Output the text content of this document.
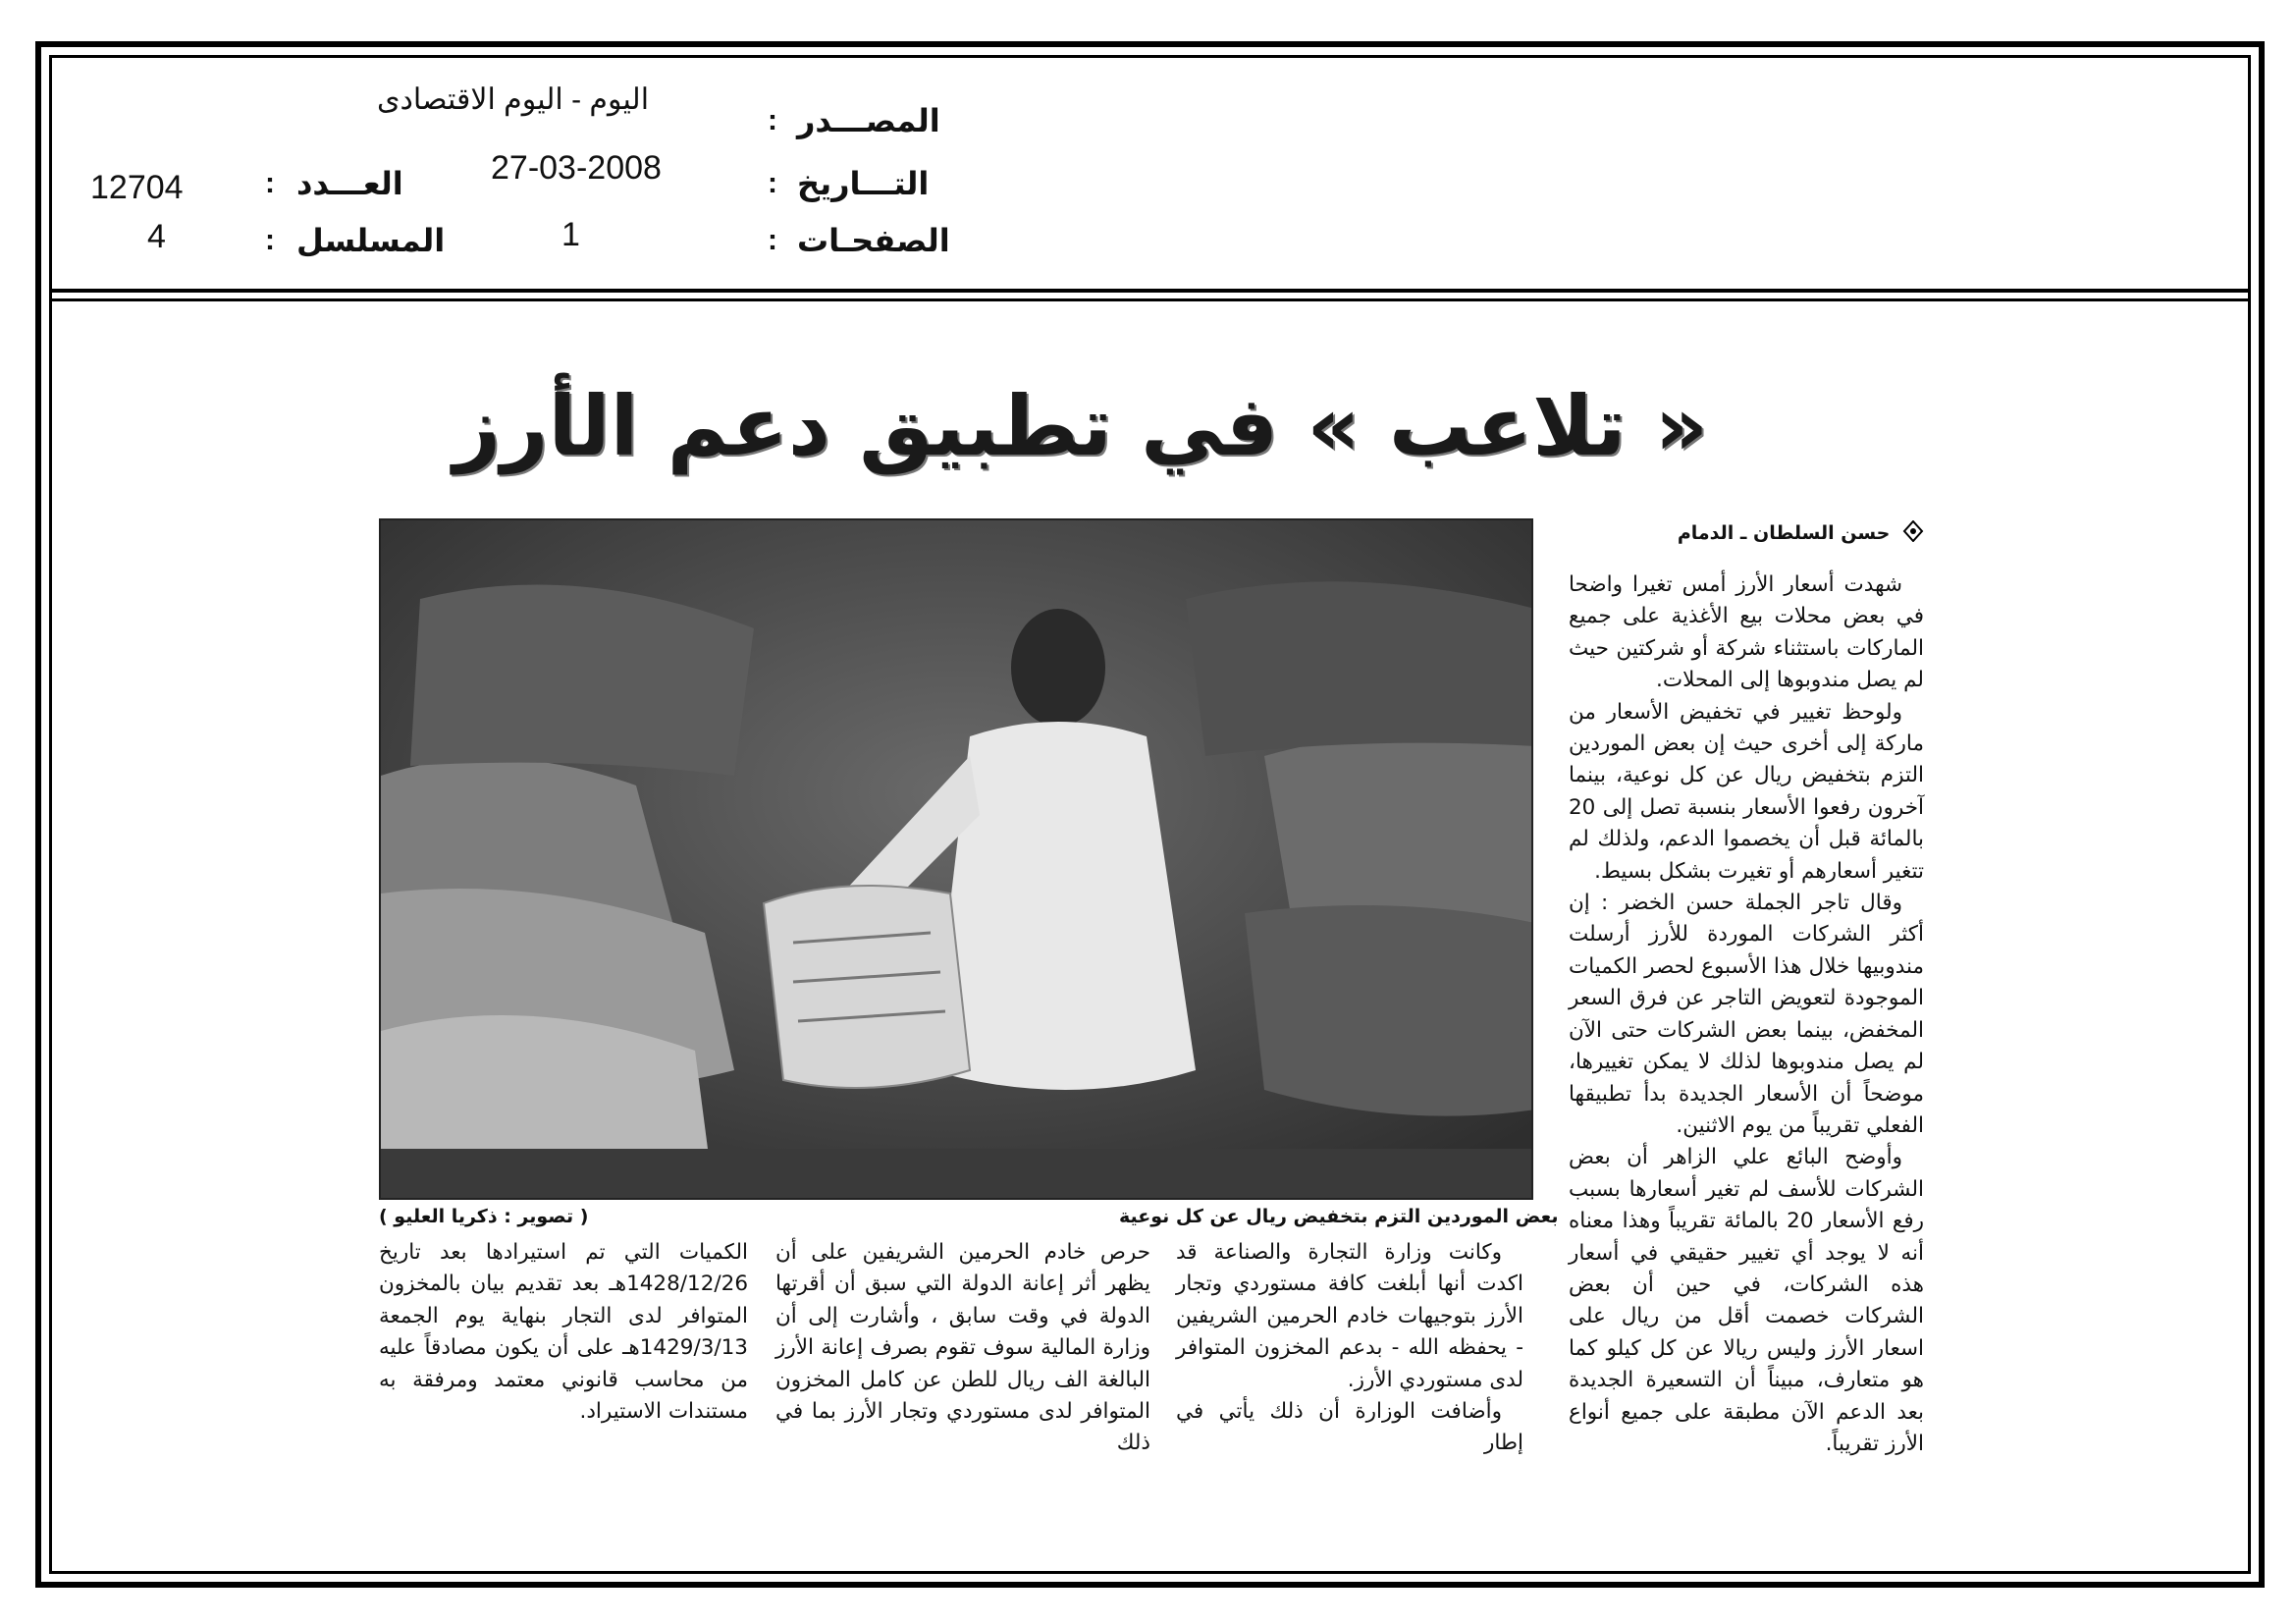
المصـــدر
:
اليوم - اليوم الاقتصادى
التـــاريخ
:
27-03-2008
الصفحـات
:
1
العـــدد
:
12704
المسلسل
:
4
« تلاعب » في تطبيق دعم الأرز
بعض الموردين التزم بتخفيض ريال عن كل نوعية
( تصوير : ذكريا العليو )
حسن السلطان ـ الدمام

شهدت أسعار الأرز أمس تغيرا واضحا في بعض محلات بيع الأغذية على جميع الماركات باستثناء شركة أو شركتين حيث لم يصل مندوبوها إلى المحلات.

ولوحظ تغيير في تخفيض الأسعار من ماركة إلى أخرى حيث إن بعض الموردين التزم بتخفيض ريال عن كل نوعية، بينما آخرون رفعوا الأسعار بنسبة تصل إلى 20 بالمائة قبل أن يخصموا الدعم، ولذلك لم تتغير أسعارهم أو تغيرت بشكل بسيط.

وقال تاجر الجملة حسن الخضر : إن أكثر الشركات الموردة للأرز أرسلت مندوبيها خلال هذا الأسبوع لحصر الكميات الموجودة لتعويض التاجر عن فرق السعر المخفض، بينما بعض الشركات حتى الآن لم يصل مندوبوها لذلك لا يمكن تغييرها، موضحاً أن الأسعار الجديدة بدأ تطبيقها الفعلي تقريباً من يوم الاثنين.

وأوضح البائع علي الزاهر أن بعض الشركات للأسف لم تغير أسعارها بسبب رفع الأسعار 20 بالمائة تقريباً وهذا معناه أنه لا يوجد أي تغيير حقيقي في أسعار هذه الشركات، في حين أن بعض الشركات خصمت أقل من ريال على اسعار الأرز وليس ريالا عن كل كيلو كما هو متعارف، مبيناً أن التسعيرة الجديدة بعد الدعم الآن مطبقة على جميع أنواع الأرز تقريباً.

وكانت وزارة التجارة والصناعة قد اكدت أنها أبلغت كافة مستوردي وتجار الأرز بتوجيهات خادم الحرمين الشريفين - يحفظه الله - بدعم المخزون المتوافر لدى مستوردي الأرز.

وأضافت الوزارة أن ذلك يأتي في إطار

حرص خادم الحرمين الشريفين على أن يظهر أثر إعانة الدولة التي سبق أن أقرتها الدولة في وقت سابق ، وأشارت إلى أن وزارة المالية سوف تقوم بصرف إعانة الأرز البالغة الف ريال للطن عن كامل المخزون المتوافر لدى مستوردي وتجار الأرز بما في ذلك

الكميات التي تم استيرادها بعد تاريخ 1428/12/26هـ بعد تقديم بيان بالمخزون المتوافر لدى التجار بنهاية يوم الجمعة 1429/3/13هـ على أن يكون مصادقاً عليه من محاسب قانوني معتمد ومرفقة به مستندات الاستيراد.
